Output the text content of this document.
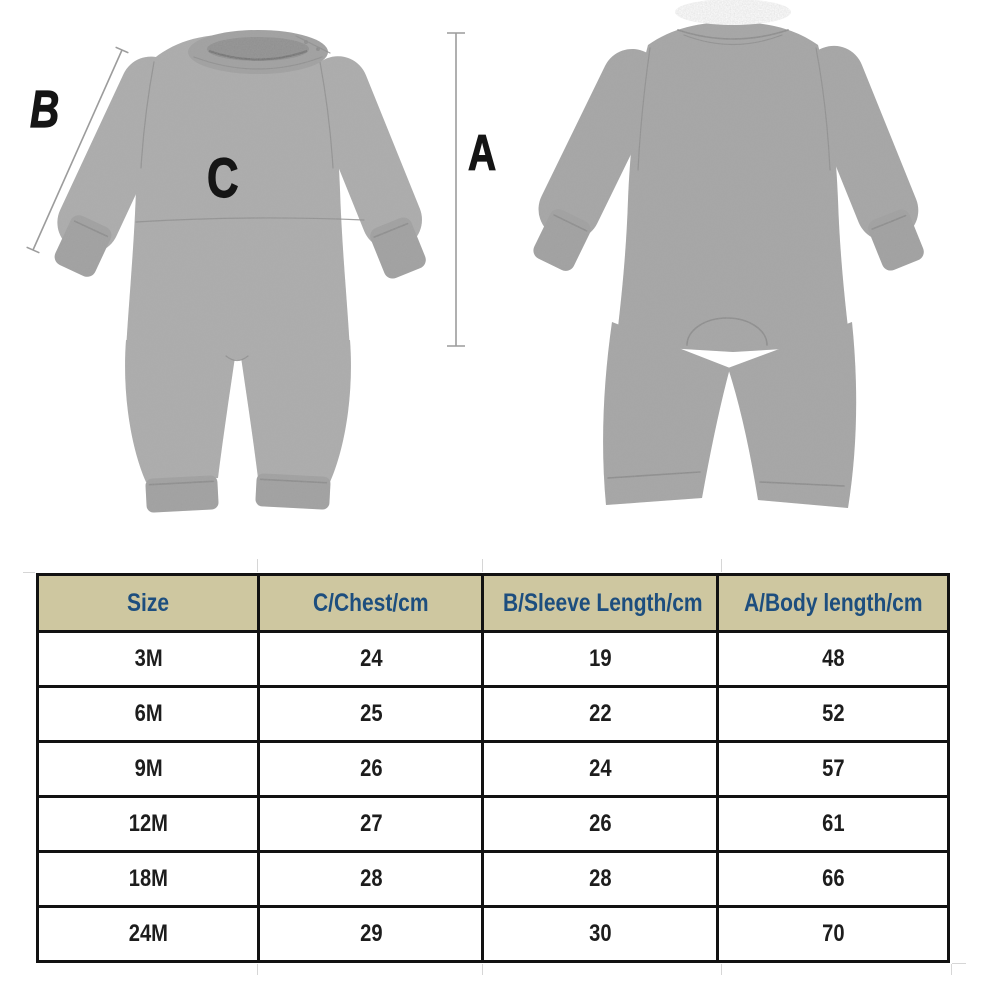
B
A
C
Size	C/Chest/cm	B/Sleeve Length/cm	A/Body length/cm
3M	24	19	48
6M	25	22	52
9M	26	24	57
12M	27	26	61
18M	28	28	66
24M	29	30	70
